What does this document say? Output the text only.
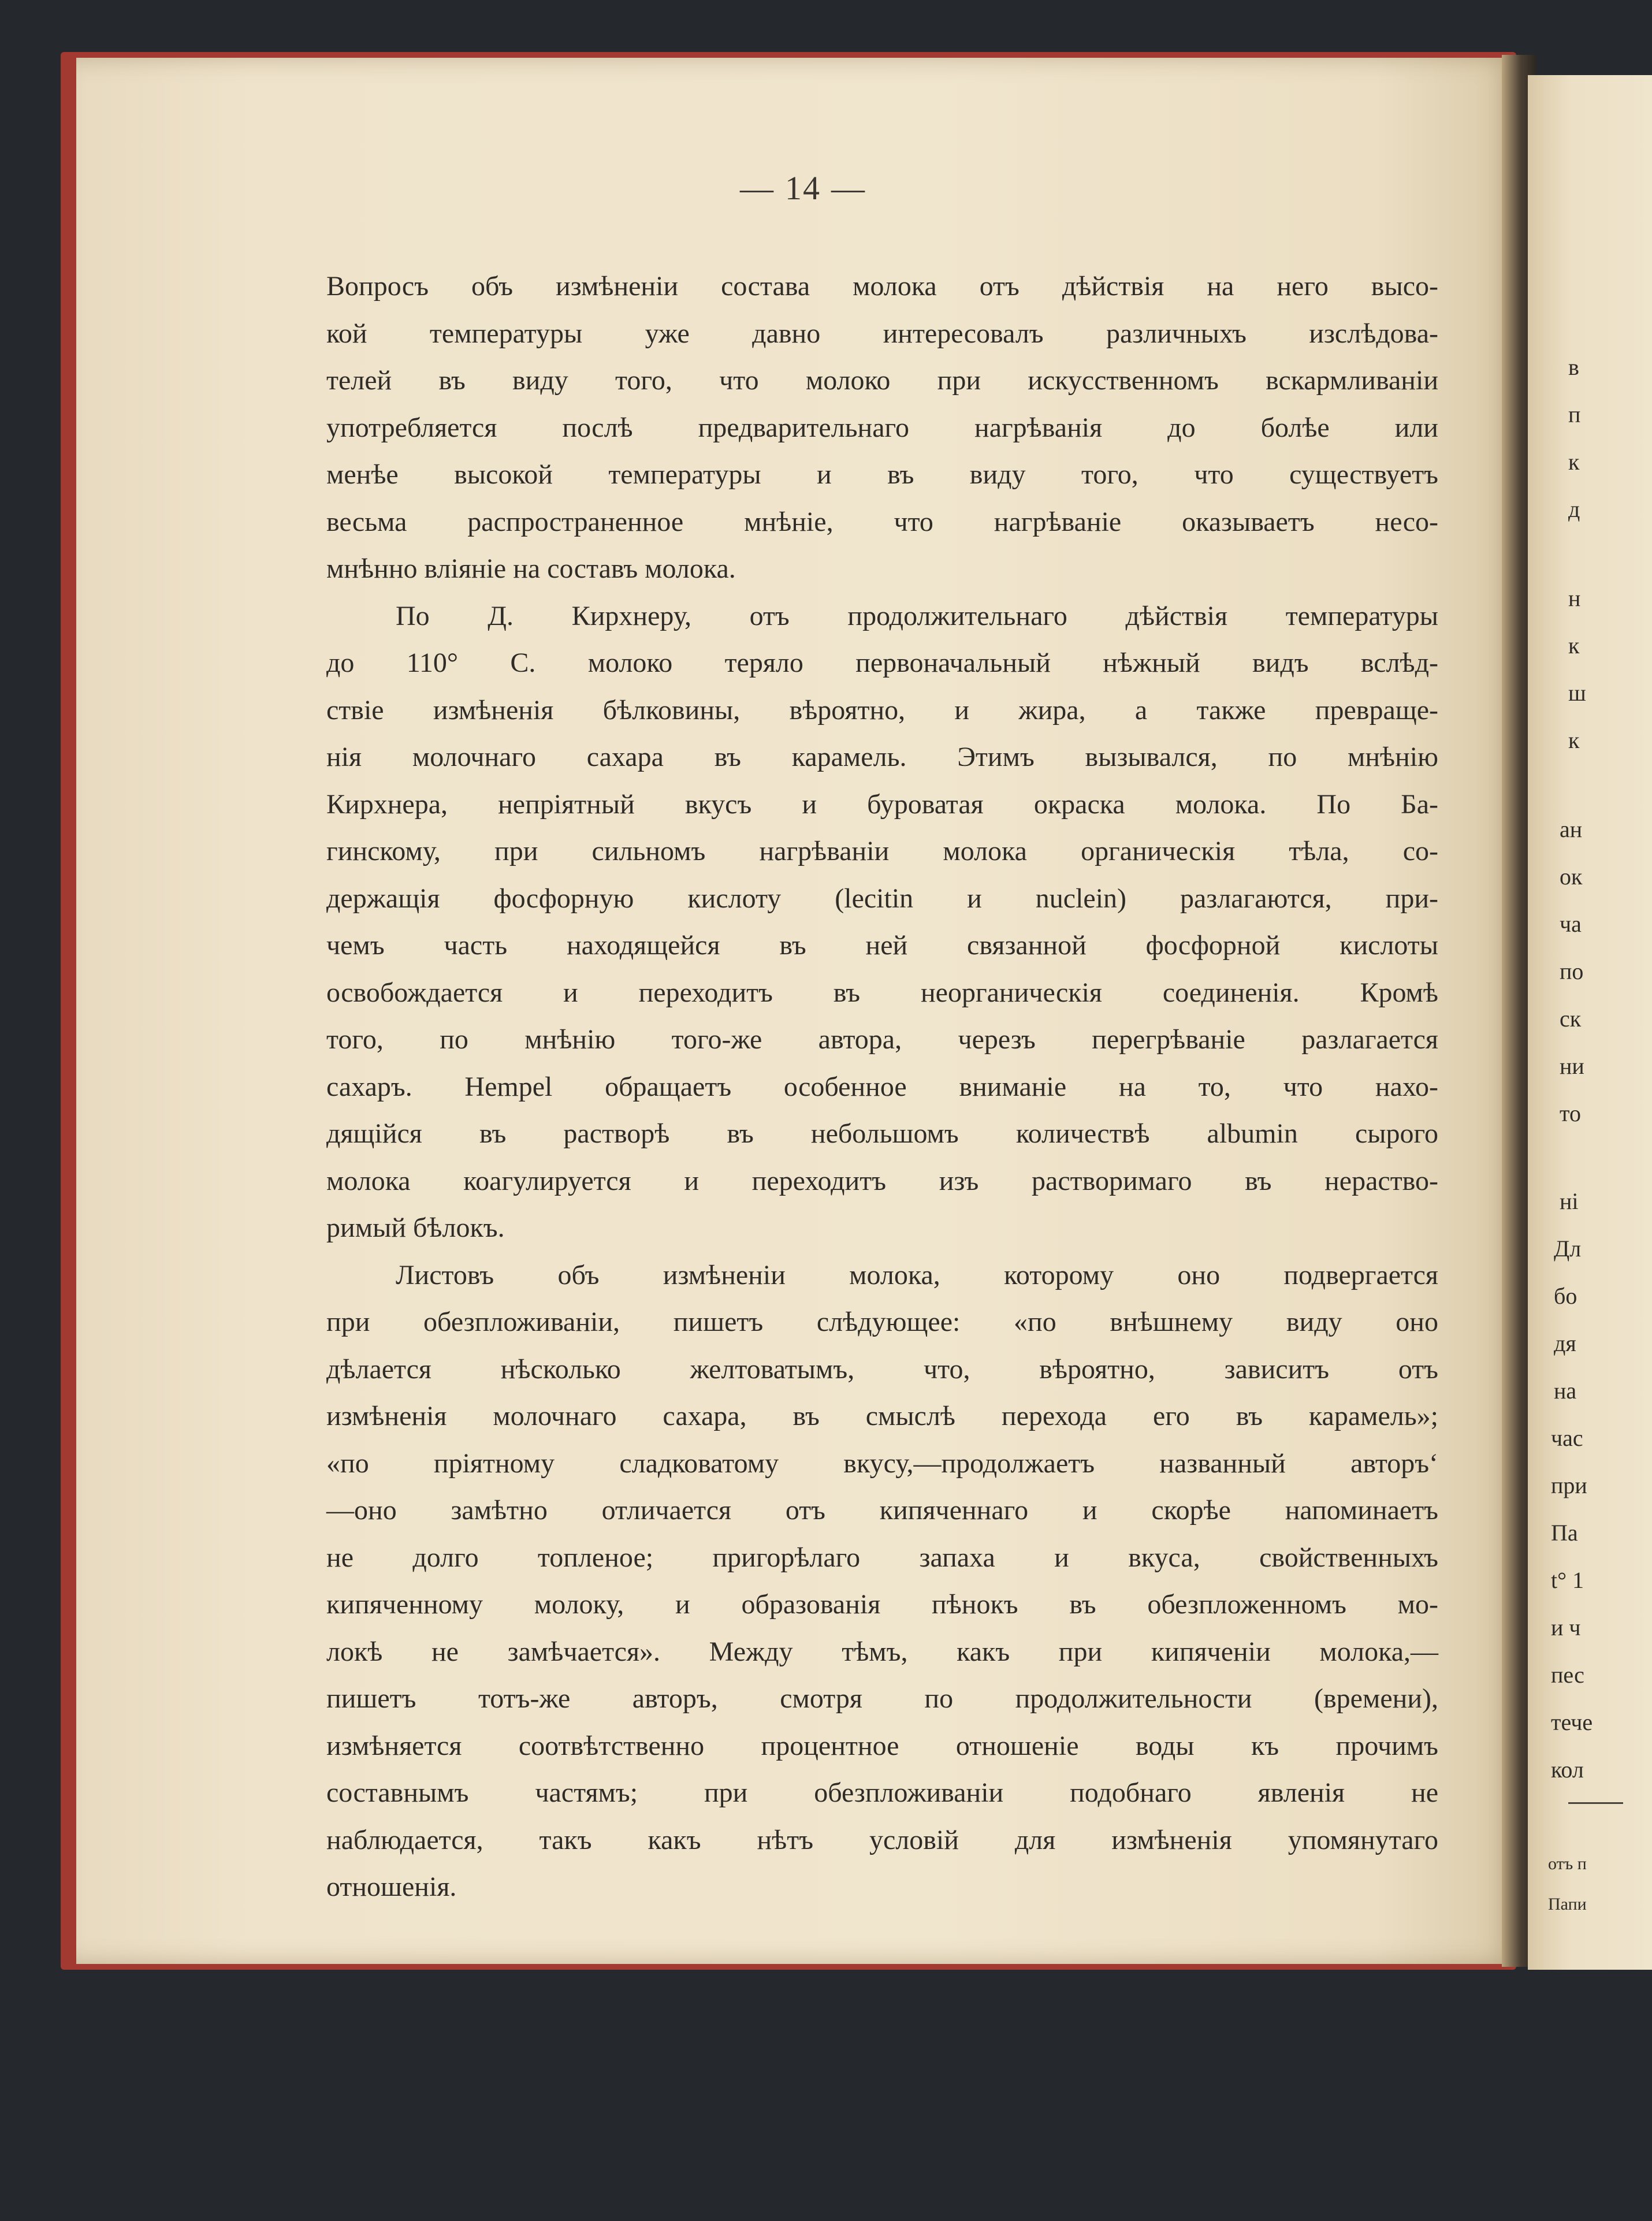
в
п
к
д
н
к
ш
к
ан
ок
ча
по
ск
ни
то
ні
Дл
бо
дя
на
час
при
Па
t° 1
и ч
пес
тече
кол
отъ п
Папи
— 14 —
Вопросъ объ измѣненiи состава молока отъ дѣйствiя на него высо-
кой температуры уже давно интересовалъ различныхъ изслѣдова-
телей въ виду того, что молоко при искусственномъ вскармливанiи
употребляется послѣ предварительнаго нагрѣванiя до болѣе или
менѣе высокой температуры и въ виду того, что существуетъ
весьма распространенное мнѣнiе, что нагрѣванiе оказываетъ несо-
мнѣнно влiянiе на составъ молока.
По Д. Кирхнеру, отъ продолжительнаго дѣйствiя температуры
до 110° С. молоко теряло первоначальный нѣжный видъ вслѣд-
ствiе измѣненiя бѣлковины, вѣроятно, и жира, а также превраще-
нiя молочнаго сахара въ карамель. Этимъ вызывался, по мнѣнiю
Кирхнера, непрiятный вкусъ и буроватая окраска молока. По Ба-
гинскому, при сильномъ нагрѣванiи молока органическiя тѣла, со-
держащiя фосфорную кислоту (lecitin и nuclein) разлагаются, при-
чемъ часть находящейся въ ней связанной фосфорной кислоты
освобождается и переходитъ въ неорганическiя соединенiя. Кромѣ
того, по мнѣнiю того-же автора, черезъ перегрѣванiе разлагается
сахаръ. Hempel обращаетъ особенное вниманiе на то, что нахо-
дящiйся въ растворѣ въ небольшомъ количествѣ albumin сырого
молока коагулируется и переходитъ изъ растворимаго въ нераство-
римый бѣлокъ.
Листовъ объ измѣненiи молока, которому оно подвергается
при обезпложиванiи, пишетъ слѣдующее: «по внѣшнему виду оно
дѣлается нѣсколько желтоватымъ, что, вѣроятно, зависитъ отъ
измѣненiя молочнаго сахара, въ смыслѣ перехода его въ карамель»;
«по прiятному сладковатому вкусу,—продолжаетъ названный авторъ‘
—оно замѣтно отличается отъ кипяченнаго и скорѣе напоминаетъ
не долго топленое; пригорѣлаго запаха и вкуса, свойственныхъ
кипяченному молоку, и образованiя пѣнокъ въ обезпложенномъ мо-
локѣ не замѣчается». Между тѣмъ, какъ при кипяченiи молока,—
пишетъ тотъ-же авторъ, смотря по продолжительности (времени),
измѣняется соотвѣтственно процентное отношенiе воды къ прочимъ
составнымъ частямъ; при обезпложиванiи подобнаго явленiя не
наблюдается, такъ какъ нѣтъ условiй для измѣненiя упомянутаго
отношенiя.
